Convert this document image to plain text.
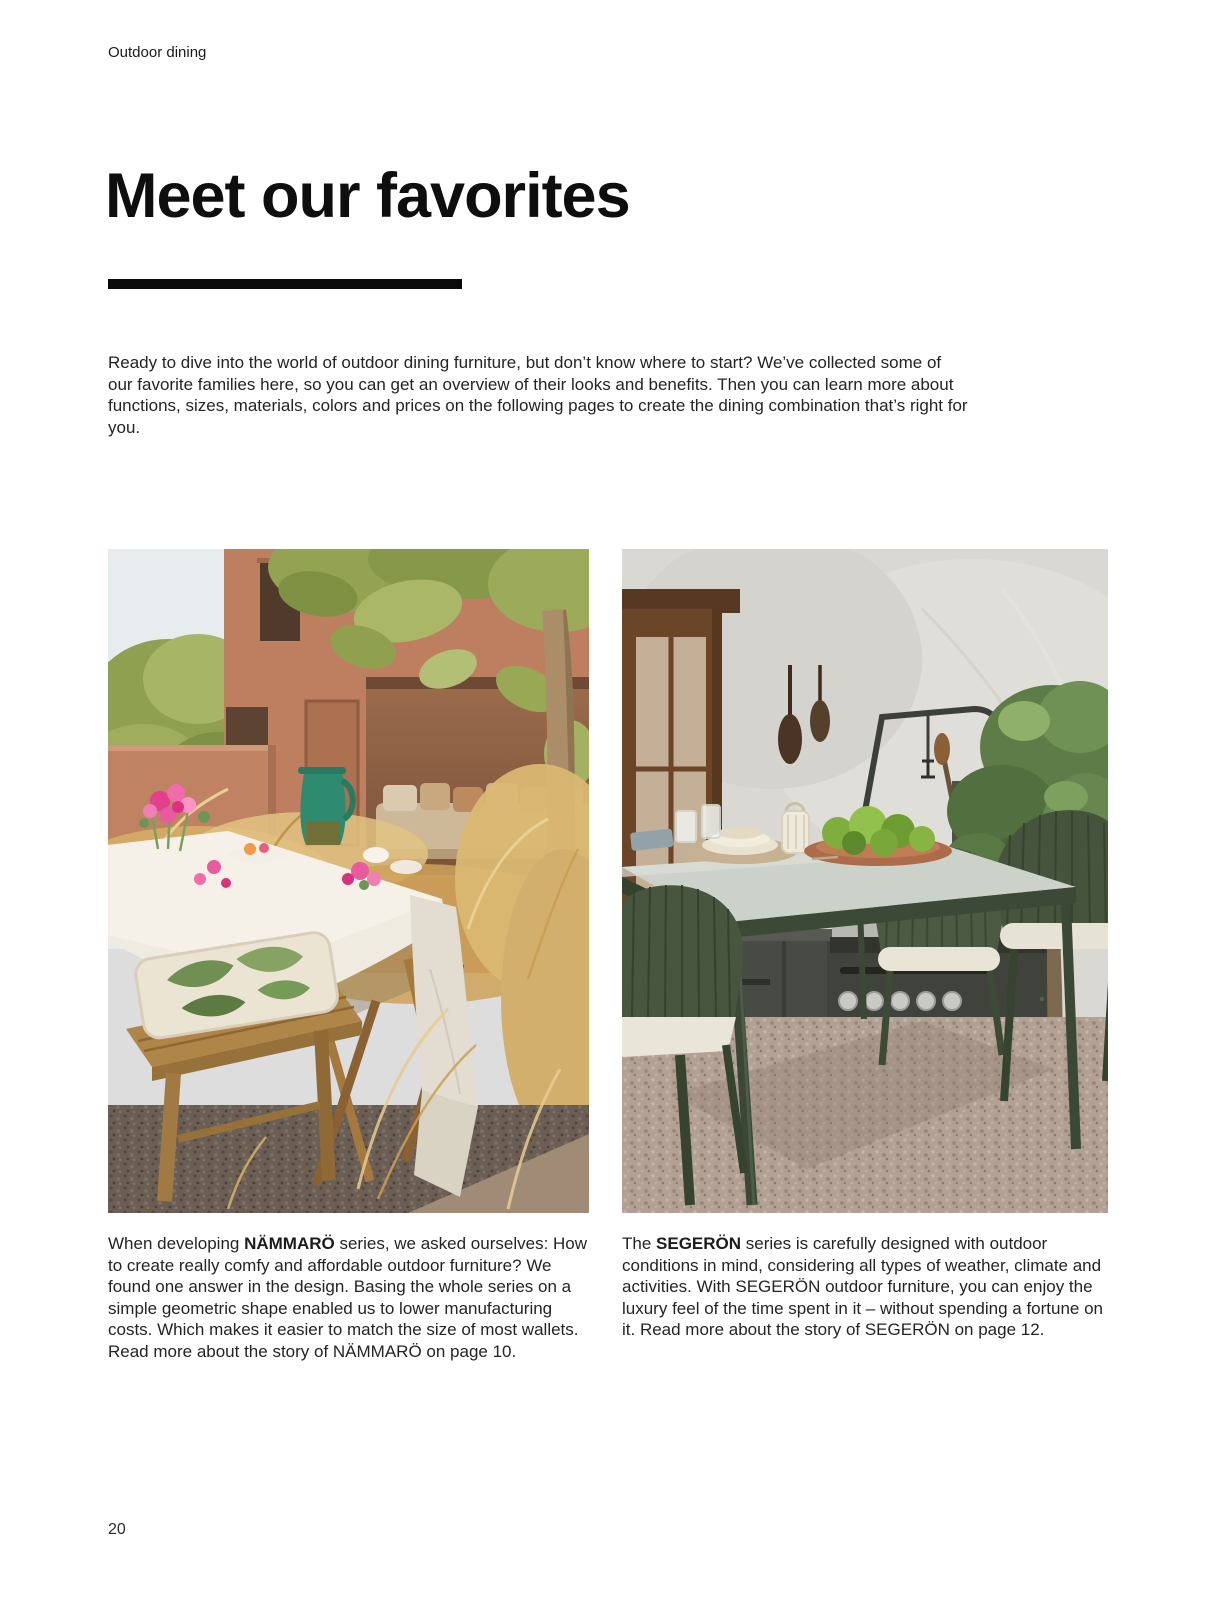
Outdoor dining
Meet our favorites

Ready to dive into the world of outdoor dining furniture, but don’t know where to start? We’ve collected some of our favorite families here, so you can get an overview of their looks and benefits. Then you can learn more about functions, sizes, materials, colors and prices on the following pages to create the dining combination that’s right for you.

When developing NÄMMARÖ series, we asked ourselves: How to create really comfy and affordable outdoor furniture? We found one answer in the design. Basing the whole series on a simple geometric shape enabled us to lower manufacturing costs. Which makes it easier to match the size of most wallets. Read more about the story of NÄMMARÖ on page 10.

The SEGERÖN series is carefully designed with outdoor conditions in mind, considering all types of weather, climate and activities. With SEGERÖN outdoor furniture, you can enjoy the luxury feel of the time spent in it – without spending a fortune on it. Read more about the story of SEGERÖN on page 12.

20
